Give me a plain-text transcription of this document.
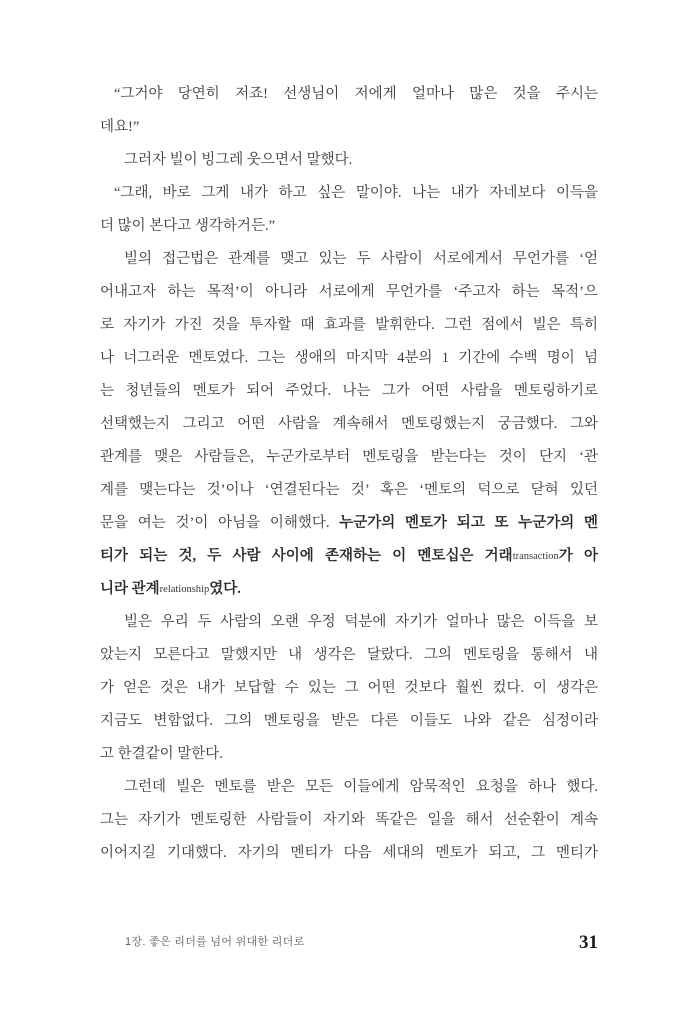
“그거야 당연히 저죠! 선생님이 저에게 얼마나 많은 것을 주시는
데요!”
그러자 빌이 빙그레 웃으면서 말했다.
“그래, 바로 그게 내가 하고 싶은 말이야. 나는 내가 자네보다 이득을
더 많이 본다고 생각하거든.”
빌의 접근법은 관계를 맺고 있는 두 사람이 서로에게서 무언가를 ‘얻
어내고자 하는 목적’이 아니라 서로에게 무언가를 ‘주고자 하는 목적’으
로 자기가 가진 것을 투자할 때 효과를 발휘한다. 그런 점에서 빌은 특히
나 너그러운 멘토였다. 그는 생애의 마지막 4분의 1 기간에 수백 명이 넘
는 청년들의 멘토가 되어 주었다. 나는 그가 어떤 사람을 멘토링하기로
선택했는지 그리고 어떤 사람을 계속해서 멘토링했는지 궁금했다. 그와
관계를 맺은 사람들은, 누군가로부터 멘토링을 받는다는 것이 단지 ‘관
계를 맺는다는 것’이나 ‘연결된다는 것’ 혹은 ‘멘토의 덕으로 닫혀 있던
문을 여는 것’이 아님을 이해했다. 누군가의 멘토가 되고 또 누군가의 멘
티가 되는 것, 두 사람 사이에 존재하는 이 멘토십은 거래transaction가 아
니라 관계relationship였다.
빌은 우리 두 사람의 오랜 우정 덕분에 자기가 얼마나 많은 이득을 보
았는지 모른다고 말했지만 내 생각은 달랐다. 그의 멘토링을 통해서 내
가 얻은 것은 내가 보답할 수 있는 그 어떤 것보다 훨씬 컸다. 이 생각은
지금도 변함없다. 그의 멘토링을 받은 다른 이들도 나와 같은 심정이라
고 한결같이 말한다.
그런데 빌은 멘토를 받은 모든 이들에게 암묵적인 요청을 하나 했다.
그는 자기가 멘토링한 사람들이 자기와 똑같은 일을 해서 선순환이 계속
이어지길 기대했다. 자기의 멘티가 다음 세대의 멘토가 되고, 그 멘티가
1장. 좋은 리더를 넘어 위대한 리더로	31
